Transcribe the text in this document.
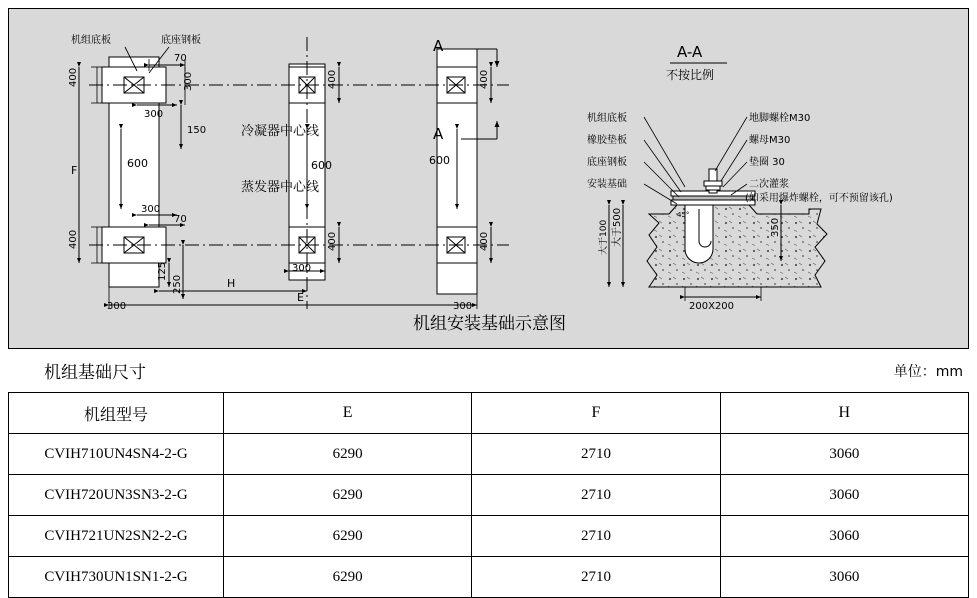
机组底板	底座钢板
70
400	300
300
150
F
600
300
70
400
125
250
300	300
H
E
400
400
400
400
600	600
300
冷凝器中心线
蒸发器中心线
A
A
A-A
不按比例
机组底板
橡胶垫板
底座钢板
安装基础
地脚螺栓M30
螺母M30
垫圈 30
二次灌浆
(如采用爆炸螺栓，可不预留该孔)
大于500
大于100	350
200X200
45°
机组安装基础示意图
机组基础尺寸	单位：mm
机组型号	E	F	H
CVIH710UN4SN4-2-G	6290	2710	3060
CVIH720UN3SN3-2-G	6290	2710	3060
CVIH721UN2SN2-2-G	6290	2710	3060
CVIH730UN1SN1-2-G	6290	2710	3060
